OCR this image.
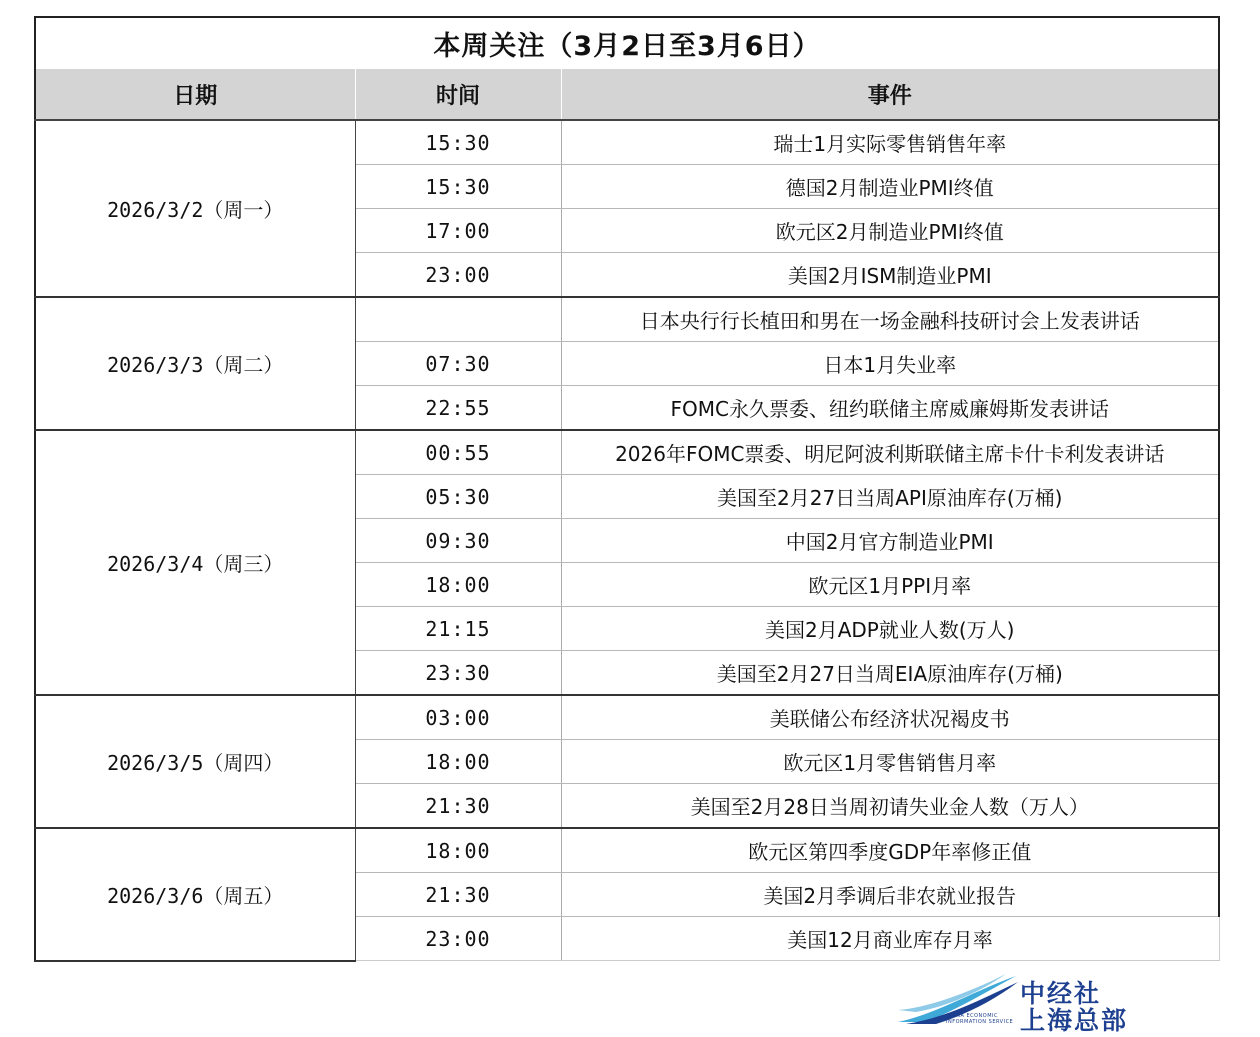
本周关注（3月2日至3月6日）		
日期	时间	事件
2026/3/2（周一）	15:30	瑞士1月实际零售销售年率
	15:30	德国2月制造业PMI终值
	17:00	欧元区2月制造业PMI终值
	23:00	美国2月ISM制造业PMI
2026/3/3（周二）		日本央行行长植田和男在一场金融科技研讨会上发表讲话
	07:30	日本1月失业率
	22:55	FOMC永久票委、纽约联储主席威廉姆斯发表讲话
2026/3/4（周三）	00:55	2026年FOMC票委、明尼阿波利斯联储主席卡什卡利发表讲话
	05:30	美国至2月27日当周API原油库存(万桶)
	09:30	中国2月官方制造业PMI
	18:00	欧元区1月PPI月率
	21:15	美国2月ADP就业人数(万人)
	23:30	美国至2月27日当周EIA原油库存(万桶)
2026/3/5（周四）	03:00	美联储公布经济状况褐皮书
	18:00	欧元区1月零售销售月率
	21:30	美国至2月28日当周初请失业金人数（万人）
2026/3/6（周五）	18:00	欧元区第四季度GDP年率修正值
	21:30	美国2月季调后非农就业报告
	23:00	美国12月商业库存月率
中经社
上海总部
CHINA ECONOMIC
INFORMATION SERVICE
